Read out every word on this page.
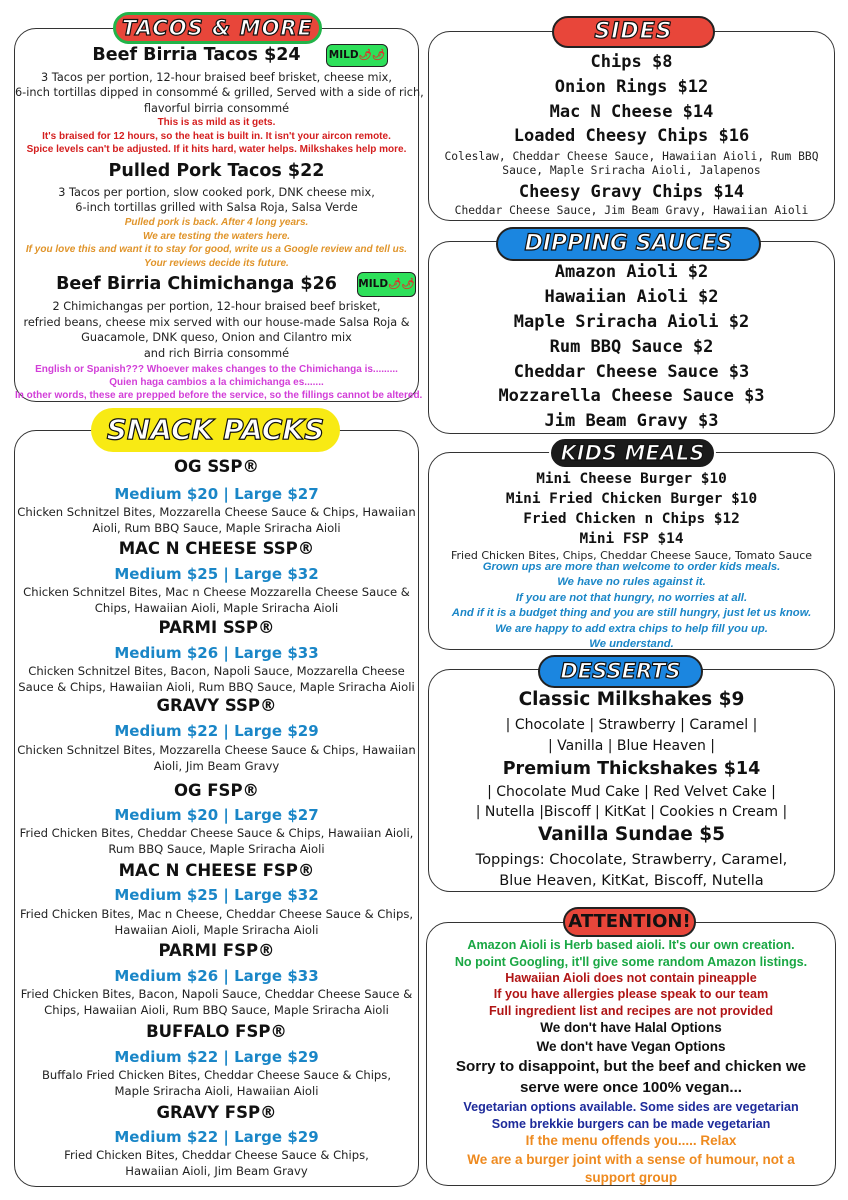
Beef Birria Tacos $24	MILD🌶🌶
3 Tacos per portion, 12-hour braised beef brisket, cheese mix,
6-inch tortillas dipped in consommé & grilled, Served with a side of rich,
flavorful birria consommé
This is as mild as it gets.
It's braised for 12 hours, so the heat is built in. It isn't your aircon remote.
Spice levels can't be adjusted. If it hits hard, water helps. Milkshakes help more.
Pulled Pork Tacos $22
3 Tacos per portion, slow cooked pork, DNK cheese mix,
6-inch tortillas grilled with Salsa Roja, Salsa Verde
Pulled pork is back. After 4 long years.
We are testing the waters here.
If you love this and want it to stay for good, write us a Google review and tell us.
Your reviews decide its future.
Beef Birria Chimichanga $26	MILD🌶🌶
2 Chimichangas per portion, 12-hour braised beef brisket,
refried beans, cheese mix served with our house-made Salsa Roja &
Guacamole, DNK queso, Onion and Cilantro mix
and rich Birria consommé
English or Spanish??? Whoever makes changes to the Chimichanga is.........
Quien haga cambios a la chimichanga es.......
In other words, these are prepped before the service, so the fillings cannot be altered.
TACOS & MORE
Chips $8
Onion Rings $12
Mac N Cheese $14
Loaded Cheesy Chips $16
Coleslaw, Cheddar Cheese Sauce, Hawaiian Aioli, Rum BBQ
Sauce, Maple Sriracha Aioli, Jalapenos
Cheesy Gravy Chips $14
Cheddar Cheese Sauce, Jim Beam Gravy, Hawaiian Aioli
SIDES
Amazon Aioli $2
Hawaiian Aioli $2
Maple Sriracha Aioli $2
Rum BBQ Sauce $2
Cheddar Cheese Sauce $3
Mozzarella Cheese Sauce $3
Jim Beam Gravy $3
DIPPING SAUCES
Mini Cheese Burger $10
Mini Fried Chicken Burger $10
Fried Chicken n Chips $12
Mini FSP $14
Fried Chicken Bites, Chips, Cheddar Cheese Sauce, Tomato Sauce
Grown ups are more than welcome to order kids meals.
We have no rules against it.
If you are not that hungry, no worries at all.
And if it is a budget thing and you are still hungry, just let us know.
We are happy to add extra chips to help fill you up.
We understand.
KIDS MEALS
OG SSP®
Medium $20 | Large $27
Chicken Schnitzel Bites, Mozzarella Cheese Sauce & Chips, Hawaiian
Aioli, Rum BBQ Sauce, Maple Sriracha Aioli
MAC N CHEESE SSP®
Medium $25 | Large $32
Chicken Schnitzel Bites, Mac n Cheese Mozzarella Cheese Sauce &
Chips, Hawaiian Aioli, Maple Sriracha Aioli
PARMI SSP®
Medium $26 | Large $33
Chicken Schnitzel Bites, Bacon, Napoli Sauce, Mozzarella Cheese
Sauce & Chips, Hawaiian Aioli, Rum BBQ Sauce, Maple Sriracha Aioli
GRAVY SSP®
Medium $22 | Large $29
Chicken Schnitzel Bites, Mozzarella Cheese Sauce & Chips, Hawaiian
Aioli, Jim Beam Gravy
OG FSP®
Medium $20 | Large $27
Fried Chicken Bites, Cheddar Cheese Sauce & Chips, Hawaiian Aioli,
Rum BBQ Sauce, Maple Sriracha Aioli
MAC N CHEESE FSP®
Medium $25 | Large $32
Fried Chicken Bites, Mac n Cheese, Cheddar Cheese Sauce & Chips,
Hawaiian Aioli, Maple Sriracha Aioli
PARMI FSP®
Medium $26 | Large $33
Fried Chicken Bites, Bacon, Napoli Sauce, Cheddar Cheese Sauce &
Chips, Hawaiian Aioli, Rum BBQ Sauce, Maple Sriracha Aioli
BUFFALO FSP®
Medium $22 | Large $29
Buffalo Fried Chicken Bites, Cheddar Cheese Sauce & Chips,
Maple Sriracha Aioli, Hawaiian Aioli
GRAVY FSP®
Medium $22 | Large $29
Fried Chicken Bites, Cheddar Cheese Sauce & Chips,
Hawaiian Aioli, Jim Beam Gravy
SNACK PACKS
Classic Milkshakes $9
| Chocolate | Strawberry | Caramel |
| Vanilla | Blue Heaven |
Premium Thickshakes $14
| Chocolate Mud Cake | Red Velvet Cake |
| Nutella |Biscoff | KitKat | Cookies n Cream |
Vanilla Sundae $5
Toppings: Chocolate, Strawberry, Caramel,
Blue Heaven, KitKat, Biscoff, Nutella
DESSERTS
Amazon Aioli is Herb based aioli. It's our own creation.
No point Googling, it'll give some random Amazon listings.
Hawaiian Aioli does not contain pineapple
If you have allergies please speak to our team
Full ingredient list and recipes are not provided
We don't have Halal Options
We don't have Vegan Options
Sorry to disappoint, but the beef and chicken we
serve were once 100% vegan...
Vegetarian options available. Some sides are vegetarian
Some brekkie burgers can be made vegetarian
If the menu offends you..... Relax
We are a burger joint with a sense of humour, not a
support group
ATTENTION!
